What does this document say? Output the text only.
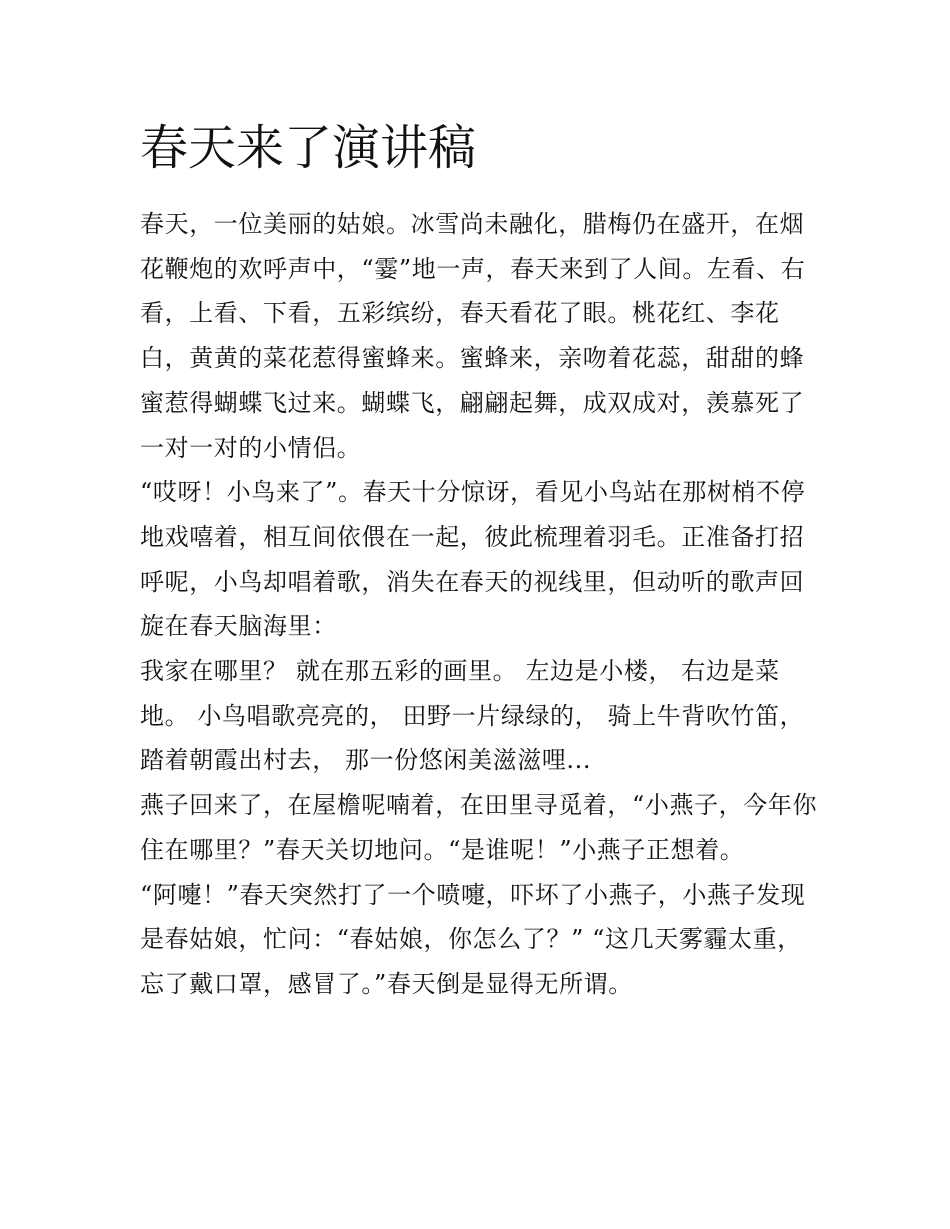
春天来了演讲稿

春天，一位美丽的姑娘。冰雪尚未融化，腊梅仍在盛开，在烟花鞭炮的欢呼声中，“霎”地一声，春天来到了人间。左看、右看，上看、下看，五彩缤纷，春天看花了眼。桃花红、李花白，黄黄的菜花惹得蜜蜂来。蜜蜂来，亲吻着花蕊，甜甜的蜂蜜惹得蝴蝶飞过来。蝴蝶飞，翩翩起舞，成双成对，羡慕死了一对一对的小情侣。

“哎呀！小鸟来了”。春天十分惊讶，看见小鸟站在那树梢不停地戏嘻着，相互间依偎在一起，彼此梳理着羽毛。正准备打招呼呢，小鸟却唱着歌，消失在春天的视线里，但动听的歌声回旋在春天脑海里：

我家在哪里？ 就在那五彩的画里。 左边是小楼， 右边是菜地。 小鸟唱歌亮亮的， 田野一片绿绿的， 骑上牛背吹竹笛，踏着朝霞出村去， 那一份悠闲美滋滋哩...

燕子回来了，在屋檐呢喃着，在田里寻觅着，“小燕子，今年你住在哪里？”春天关切地问。“是谁呢！”小燕子正想着。

“阿嚏！”春天突然打了一个喷嚏，吓坏了小燕子，小燕子发现是春姑娘，忙问：“春姑娘，你怎么了？” “这几天雾霾太重，忘了戴口罩，感冒了。”春天倒是显得无所谓。
